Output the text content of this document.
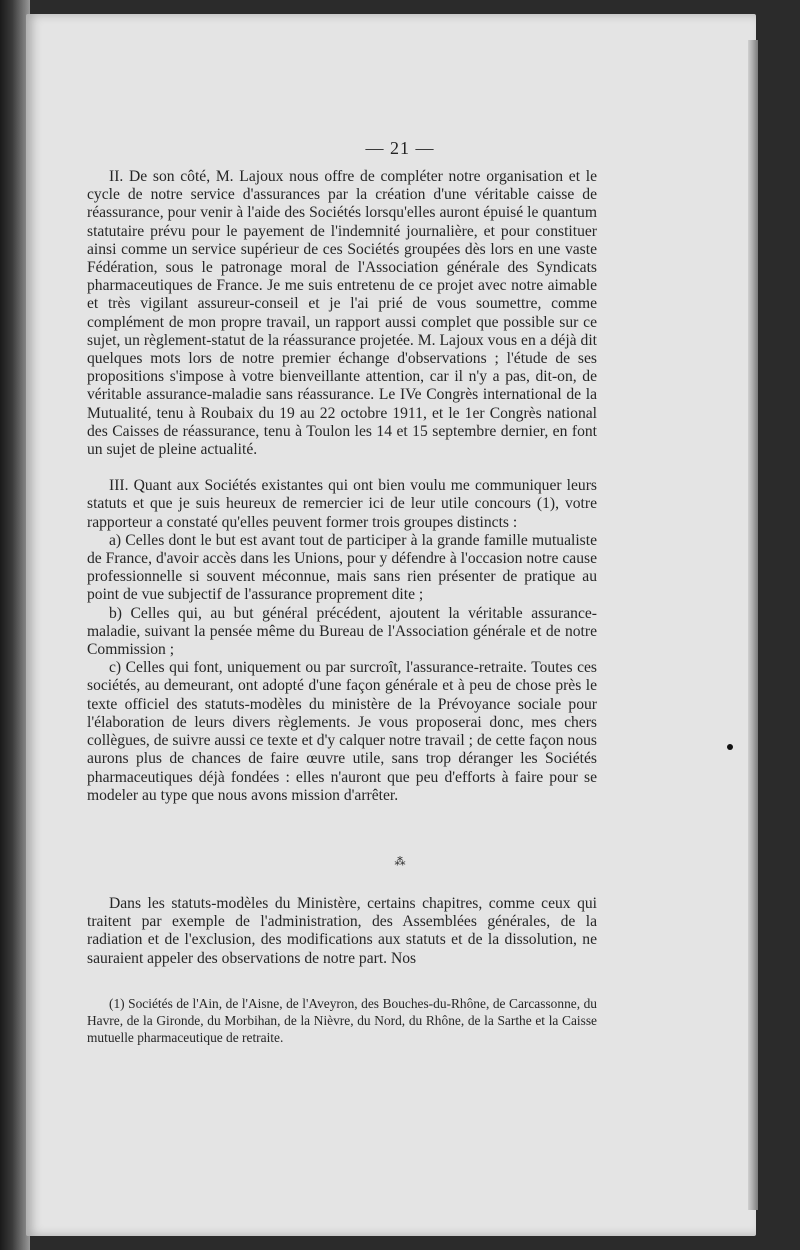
— 21 —

II. De son côté, M. Lajoux nous offre de compléter notre organisation et le cycle de notre service d'assurances par la création d'une véritable caisse de réassurance, pour venir à l'aide des Sociétés lorsqu'elles auront épuisé le quantum statutaire prévu pour le payement de l'indemnité journalière, et pour constituer ainsi comme un service supérieur de ces Sociétés groupées dès lors en une vaste Fédération, sous le patronage moral de l'Association générale des Syndicats pharmaceutiques de France. Je me suis entretenu de ce projet avec notre aimable et très vigilant assureur-conseil et je l'ai prié de vous soumettre, comme complément de mon propre travail, un rapport aussi complet que possible sur ce sujet, un règlement-statut de la réassurance projetée. M. Lajoux vous en a déjà dit quelques mots lors de notre premier échange d'observations ; l'étude de ses propositions s'impose à votre bienveillante attention, car il n'y a pas, dit-on, de véritable assurance-maladie sans réassurance. Le IVe Congrès international de la Mutualité, tenu à Roubaix du 19 au 22 octobre 1911, et le 1er Congrès national des Caisses de réassurance, tenu à Toulon les 14 et 15 septembre dernier, en font un sujet de pleine actualité.

III. Quant aux Sociétés existantes qui ont bien voulu me communiquer leurs statuts et que je suis heureux de remercier ici de leur utile concours (1), votre rapporteur a constaté qu'elles peuvent former trois groupes distincts :

a) Celles dont le but est avant tout de participer à la grande famille mutualiste de France, d'avoir accès dans les Unions, pour y défendre à l'occasion notre cause professionnelle si souvent méconnue, mais sans rien présenter de pratique au point de vue subjectif de l'assurance proprement dite ;

b) Celles qui, au but général précédent, ajoutent la véritable assurance-maladie, suivant la pensée même du Bureau de l'Association générale et de notre Commission ;

c) Celles qui font, uniquement ou par surcroît, l'assurance-retraite. Toutes ces sociétés, au demeurant, ont adopté d'une façon générale et à peu de chose près le texte officiel des statuts-modèles du ministère de la Prévoyance sociale pour l'élaboration de leurs divers règlements. Je vous proposerai donc, mes chers collègues, de suivre aussi ce texte et d'y calquer notre travail ; de cette façon nous aurons plus de chances de faire œuvre utile, sans trop déranger les Sociétés pharmaceutiques déjà fondées : elles n'auront que peu d'efforts à faire pour se modeler au type que nous avons mission d'arrêter.

⁂

Dans les statuts-modèles du Ministère, certains chapitres, comme ceux qui traitent par exemple de l'administration, des Assemblées générales, de la radiation et de l'exclusion, des modifications aux statuts et de la dissolution, ne sauraient appeler des observations de notre part. Nos

(1) Sociétés de l'Ain, de l'Aisne, de l'Aveyron, des Bouches-du-Rhône, de Carcassonne, du Havre, de la Gironde, du Morbihan, de la Nièvre, du Nord, du Rhône, de la Sarthe et la Caisse mutuelle pharmaceutique de retraite.
